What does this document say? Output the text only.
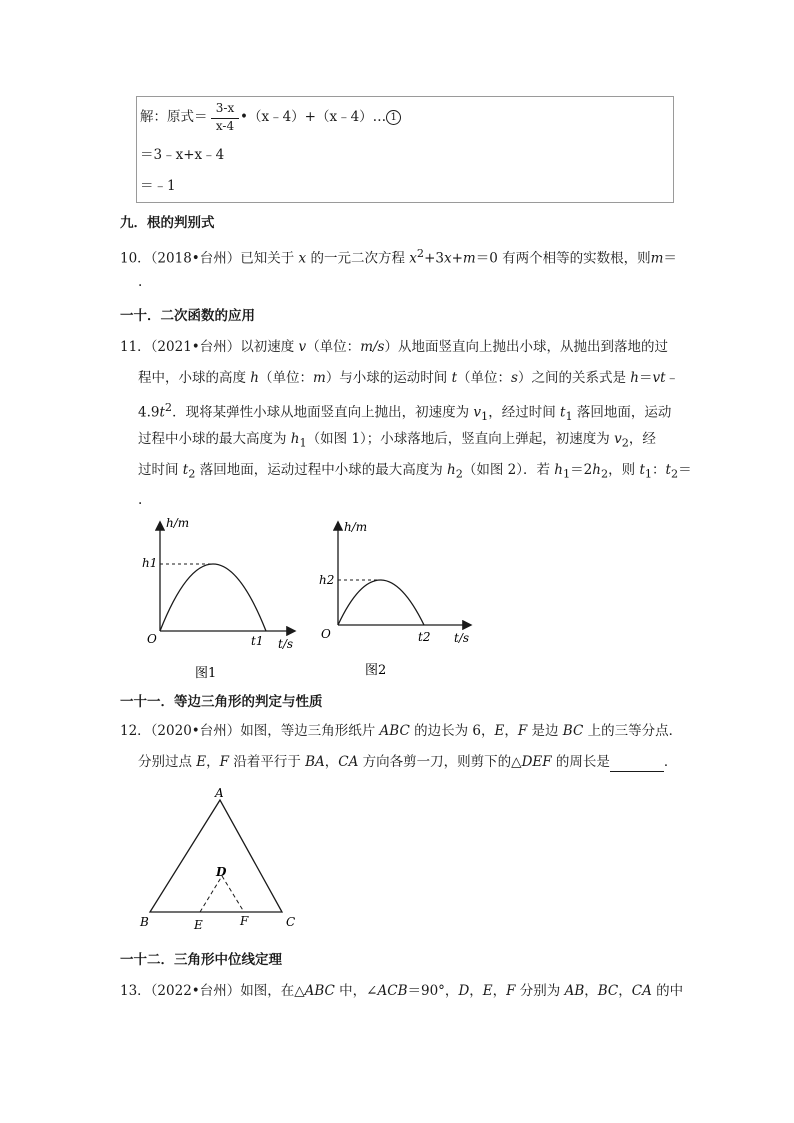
解：原式＝
3-x
x-4
•（x﹣4）+（x﹣4）… 1
＝3﹣x+x﹣4
＝﹣1
九．根的判别式
10．（2018•台州）已知关于 x 的一元二次方程 $x^2+3x+m=0$ 有两个相等的实数根，则m＝
.
一十．二次函数的应用
11．（2021•台州）以初速度 v（单位：m/s）从地面竖直向上抛出小球，从抛出到落地的过
程中，小球的高度 h（单位：m）与小球的运动时间 t（单位：s）之间的关系式是 h＝vt﹣
$4.9t^2$．现将某弹性小球从地面竖直向上抛出，初速度为 $v_1$，经过时间 $t_1$ 落回地面，运动
过程中小球的最大高度为 $h_1$（如图 1）；小球落地后，竖直向上弹起，初速度为 $v_2$，经
过时间 $t_2$ 落回地面，运动过程中小球的最大高度为 $h_2$（如图 2）．若 $h_1=2h_2$，则 $t_1$：$t_2=$
.
h/m
h1
O	t1 t/s
图1
h/m
h2
O	t2 t/s
图2
一十一．等边三角形的判定与性质
12．（2020•台州）如图，等边三角形纸片 ABC 的边长为 6，E，F 是边 BC 上的三等分点．
分别过点 E，F 沿着平行于 BA，CA 方向各剪一刀，则剪下的△DEF 的周长是	．
A
B	C
D
E	F
一十二．三角形中位线定理
13．（2022•台州）如图，在△ABC 中，∠ACB＝90°，D，E，F 分别为 AB，BC，CA 的中
